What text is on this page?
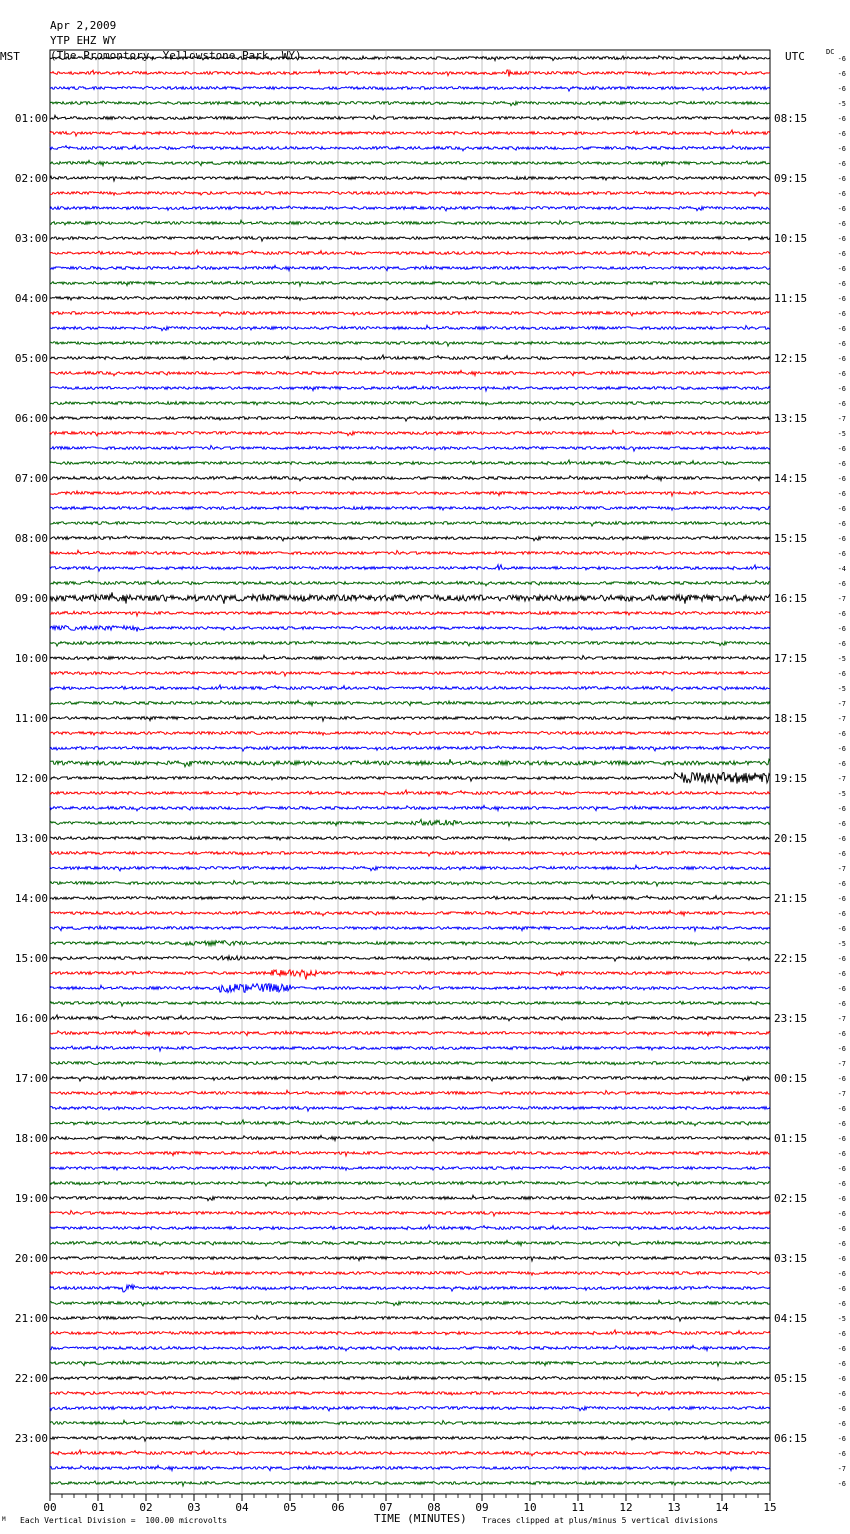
Apr 2,2009

YTP EHZ WY

(The Promontory, Yellowstone Park, WY)

MST	UTC	DC
00	01	02	03	04	05	06	07	08	09	10	11	12	13	14	15
-6
-6
-6
-5
-6
-6
-6
-6
-6
-6
-6
-6
-6
-6
-6
-6
-6
-6
-6
-6
-6
-6
-6
-6
-7
-5
-6
-6
-6
-6
-6
-6
-6
-6
-4
-6
-7
-6
-6
-6
-5
-6
-5
-7
-7
-6
-6
-6
-7
-5
-6
-6
-6
-6
-7
-6
-6
-6
-6
-5
-6
-6
-6
-6
-7
-6
-6
-7
-6
-7
-6
-6
-6
-6
-6
-6
-6
-6
-6
-6
-6
-6
-6
-6
-5
-6
-6
-6
-6
-6
-6
-6
-6
-6
-7
-6
01:00
02:00
03:00
04:00
05:00
06:00
07:00
08:00
09:00
10:00
11:00
12:00
13:00
14:00
15:00
16:00
17:00
18:00
19:00
20:00
21:00
22:00
23:00
08:15
09:15
10:15
11:15
12:15
13:15
14:15
15:15
16:15
17:15
18:15
19:15
20:15
21:15
22:15
23:15
00:15
01:15
02:15
03:15
04:15
05:15
06:15
M Each Vertical Division =  100.00 microvolts	TIME (MINUTES) Traces clipped at plus/minus 5 vertical divisions
